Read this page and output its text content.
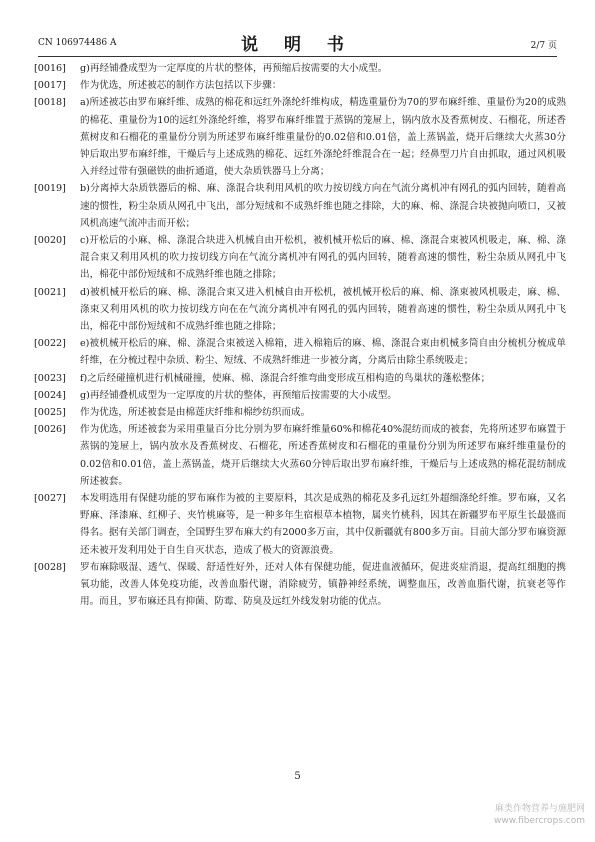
CN 106974486 A	说 明 书	2/7 页
[0016]	g)再经铺叠成型为一定厚度的片状的整体，再预缩后按需要的大小成型。
[0017]	作为优选，所述被芯的制作方法包括以下步骤：
[0018]	a)所述被芯由罗布麻纤维、成熟的棉花和远红外涤纶纤维构成，精选重量份为70的罗布麻纤维、重量份为20的成熟的棉花、重量份为10的远红外涤纶纤维，将罗布麻纤维置于蒸锅的笼屉上，锅内放水及香蕉树皮、石榴花，所述香蕉树皮和石榴花的重量份分别为所述罗布麻纤维重量份的0.02倍和0.01倍，盖上蒸锅盖，烧开后继续大火蒸30分钟后取出罗布麻纤维，干燥后与上述成熟的棉花、远红外涤纶纤维混合在一起；经鼻型刀片自由抓取，通过风机吸入并经过带有强磁铁的曲折通道，使大杂质铁器马上分离；
[0019]	b)分离掉大杂质铁器后的棉、麻、涤混合块利用风机的吹力按切线方向在气流分离机冲有网孔的弧内回转，随着高速的惯性，粉尘杂质从网孔中飞出，部分短绒和不成熟纤维也随之排除，大的麻、棉、涤混合块被抛向喷口，又被风机高速气流冲击而开松；
[0020]	c)开松后的小麻、棉、涤混合块进入机械自由开松机，被机械开松后的麻、棉、涤混合束被风机吸走，麻、棉、涤混合束又利用风机的吹力按切线方向在气流分离机冲有网孔的弧内回转，随着高速的惯性，粉尘杂质从网孔中飞出，棉花中部份短绒和不成熟纤维也随之排除；
[0021]	d)被机械开松后的麻、棉、涤混合束又进入机械自由开松机，被机械开松后的麻、棉、涤束被风机吸走，麻、棉、涤束又利用风机的吹力按切线方向在在气流分离机冲有网孔的弧内回转，随着高速的惯性，粉尘杂质从网孔中飞出，棉花中部份短绒和不成熟纤维也随之排除；
[0022]	e)被机械开松后的麻、棉、涤混合束被送入棉箱，进入棉箱后的麻、棉、涤混合束由机械多筒自由分梳机分梳成单纤维，在分梳过程中杂质、粉尘、短绒、不成熟纤维进一步被分离，分离后由除尘系统吸走；
[0023]	f)之后经碰撞机进行机械碰撞，使麻、棉、涤混合纤维弯曲变形成互相构造的鸟巢状的蓬松整体；
[0024]	g)再经铺叠机成型为一定厚度的片状的整体，再预缩后按需要的大小成型。
[0025]	作为优选，所述被套是由棉莲庆纤维和棉纱纺织而成。
[0026]	作为优选，所述被套为采用重量百分比分别为罗布麻纤维量60%和棉花40%混纺而成的被套，先将所述罗布麻置于蒸锅的笼屉上，锅内放水及香蕉树皮、石榴花，所述香蕉树皮和石榴花的重量份分别为所述罗布麻纤维重量份的0.02倍和0.01倍，盖上蒸锅盖，烧开后继续大火蒸60分钟后取出罗布麻纤维，干燥后与上述成熟的棉花混纺制成所述被套。
[0027]	本发明选用有保健功能的罗布麻作为被的主要原料，其次是成熟的棉花及多孔远红外超细涤纶纤维。罗布麻，又名野麻、泽漆麻、红柳子、夹竹桃麻等，是一种多年生宿根草本植物，属夹竹桃科，因其在新疆罗布平原生长最盛而得名。据有关部门调查，全国野生罗布麻大约有2000多万亩，其中仅新疆就有800多万亩。目前大部分罗布麻资源还未被开发利用处于自生自灭状态，造成了极大的资源浪费。
[0028]	罗布麻除吸湿、透气、保暖、舒适性好外，还对人体有保健功能，促进血液循环，促进炎症消退，提高红细胞的携氧功能，改善人体免疫功能，改善血脂代谢，消除疲劳，镇静神经系统，调整血压，改善血脂代谢，抗衰老等作用。而且，罗布麻还具有抑菌、防霉、防臭及远红外线发射功能的优点。
5
麻类作物营养与施肥网
www.fibercrops.com
